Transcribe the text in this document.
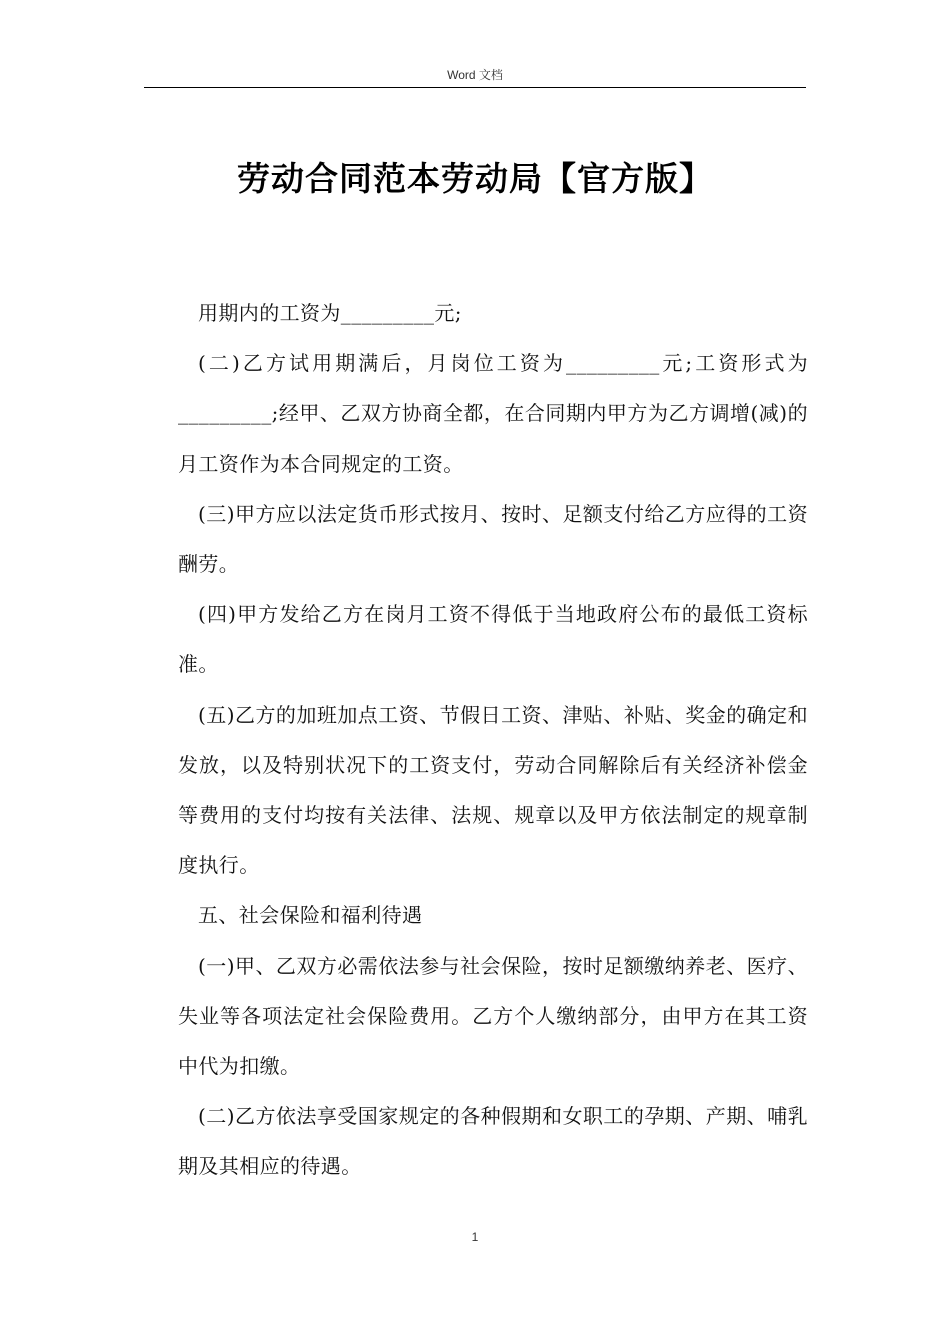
Word 文档
劳动合同范本劳动局【官方版】

用期内的工资为_________元;

(二)乙方试用期满后，月岗位工资为_________元;工资形式为_________;经甲、乙双方协商全都，在合同期内甲方为乙方调增(减)的月工资作为本合同规定的工资。

(三)甲方应以法定货币形式按月、按时、足额支付给乙方应得的工资酬劳。

(四)甲方发给乙方在岗月工资不得低于当地政府公布的最低工资标准。

(五)乙方的加班加点工资、节假日工资、津贴、补贴、奖金的确定和发放，以及特别状况下的工资支付，劳动合同解除后有关经济补偿金等费用的支付均按有关法律、法规、规章以及甲方依法制定的规章制度执行。

五、社会保险和福利待遇

(一)甲、乙双方必需依法参与社会保险，按时足额缴纳养老、医疗、失业等各项法定社会保险费用。乙方个人缴纳部分，由甲方在其工资中代为扣缴。

(二)乙方依法享受国家规定的各种假期和女职工的孕期、产期、哺乳期及其相应的待遇。

1
